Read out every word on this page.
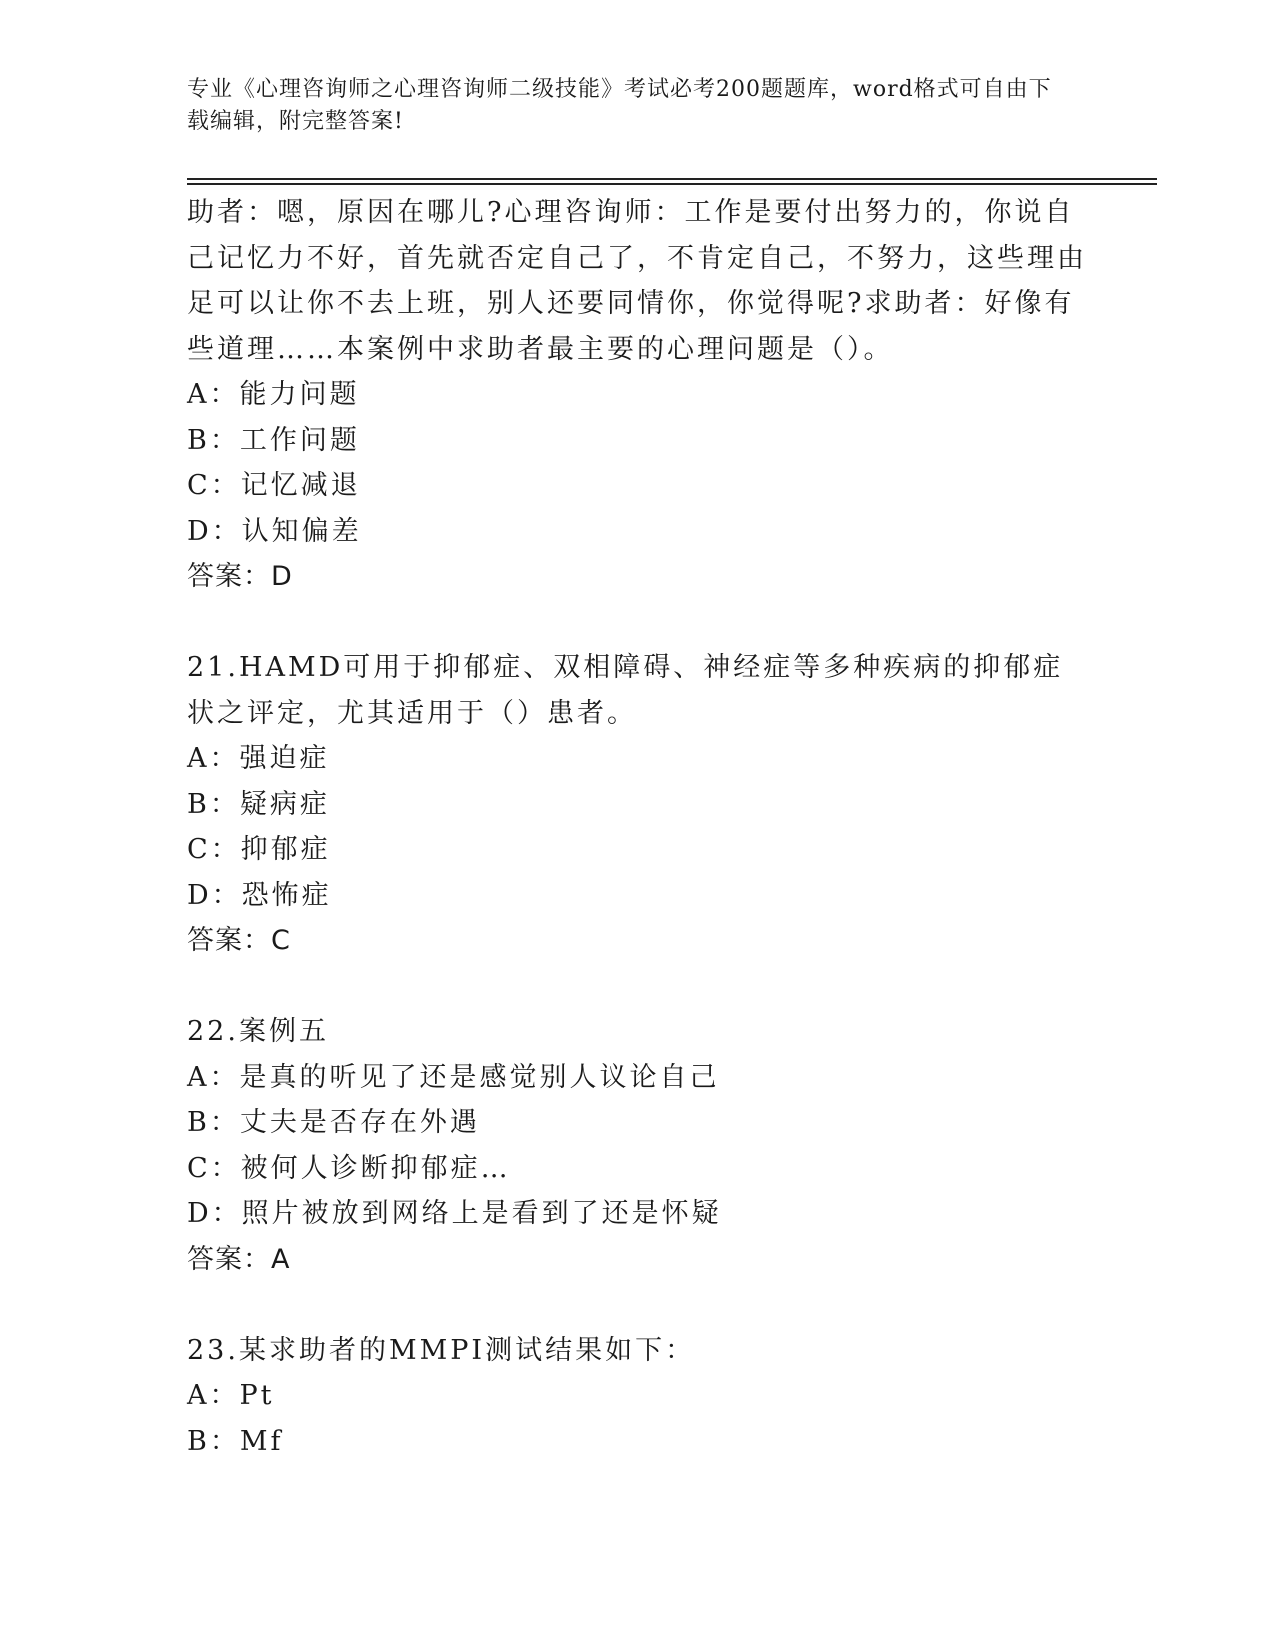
专业《心理咨询师之心理咨询师二级技能》考试必考200题题库，word格式可自由下载编辑，附完整答案!

助者：嗯，原因在哪儿?心理咨询师：工作是要付出努力的，你说自己记忆力不好，首先就否定自己了，不肯定自己，不努力，这些理由足可以让你不去上班，别人还要同情你，你觉得呢?求助者：好像有些道理……本案例中求助者最主要的心理问题是（）。

A：能力问题

B：工作问题

C：记忆减退

D：认知偏差

答案：D

21.HAMD可用于抑郁症、双相障碍、神经症等多种疾病的抑郁症状之评定，尤其适用于（）患者。

A：强迫症

B：疑病症

C：抑郁症

D：恐怖症

答案：C

22.案例五

A：是真的听见了还是感觉别人议论自己

B：丈夫是否存在外遇

C：被何人诊断抑郁症…

D：照片被放到网络上是看到了还是怀疑

答案：A

23.某求助者的MMPI测试结果如下：

A：Pt

B：Mf
